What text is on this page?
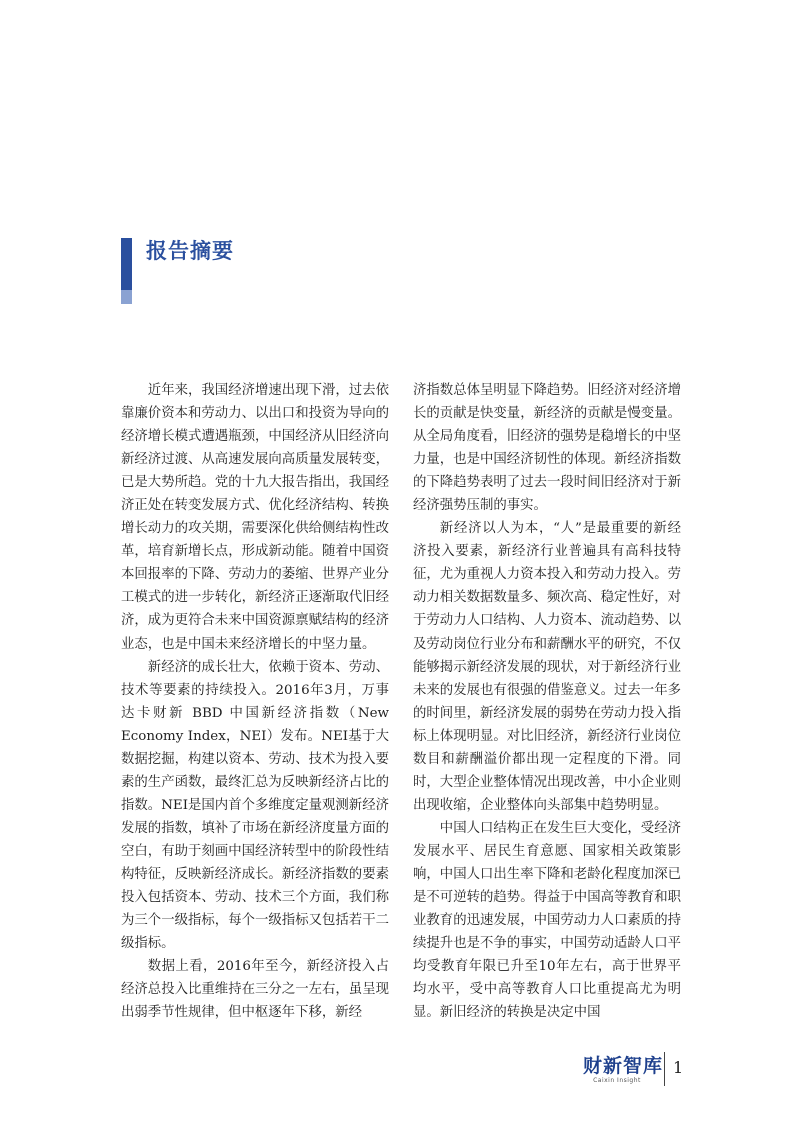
报告摘要

近年来，我国经济增速出现下滑，过去依靠廉价资本和劳动力、以出口和投资为导向的经济增长模式遭遇瓶颈，中国经济从旧经济向新经济过渡、从高速发展向高质量发展转变，已是大势所趋。党的十九大报告指出，我国经济正处在转变发展方式、优化经济结构、转换增长动力的攻关期，需要深化供给侧结构性改革，培育新增长点，形成新动能。随着中国资本回报率的下降、劳动力的萎缩、世界产业分工模式的进一步转化，新经济正逐渐取代旧经济，成为更符合未来中国资源禀赋结构的经济业态，也是中国未来经济增长的中坚力量。

新经济的成长壮大，依赖于资本、劳动、技术等要素的持续投入。2016年3月，万事达卡财新 BBD 中国新经济指数（New Economy Index，NEI）发布。NEI基于大数据挖掘，构建以资本、劳动、技术为投入要素的生产函数，最终汇总为反映新经济占比的指数。NEI是国内首个多维度定量观测新经济发展的指数，填补了市场在新经济度量方面的空白，有助于刻画中国经济转型中的阶段性结构特征，反映新经济成长。新经济指数的要素投入包括资本、劳动、技术三个方面，我们称为三个一级指标，每个一级指标又包括若干二级指标。

数据上看，2016年至今，新经济投入占经济总投入比重维持在三分之一左右，虽呈现出弱季节性规律，但中枢逐年下移，新经

济指数总体呈明显下降趋势。旧经济对经济增长的贡献是快变量，新经济的贡献是慢变量。从全局角度看，旧经济的强势是稳增长的中坚力量，也是中国经济韧性的体现。新经济指数的下降趋势表明了过去一段时间旧经济对于新经济强势压制的事实。

新经济以人为本，“人”是最重要的新经济投入要素，新经济行业普遍具有高科技特征，尤为重视人力资本投入和劳动力投入。劳动力相关数据数量多、频次高、稳定性好，对于劳动力人口结构、人力资本、流动趋势、以及劳动岗位行业分布和薪酬水平的研究，不仅能够揭示新经济发展的现状，对于新经济行业未来的发展也有很强的借鉴意义。过去一年多的时间里，新经济发展的弱势在劳动力投入指标上体现明显。对比旧经济，新经济行业岗位数目和薪酬溢价都出现一定程度的下滑。同时，大型企业整体情况出现改善，中小企业则出现收缩，企业整体向头部集中趋势明显。

中国人口结构正在发生巨大变化，受经济发展水平、居民生育意愿、国家相关政策影响，中国人口出生率下降和老龄化程度加深已是不可逆转的趋势。得益于中国高等教育和职业教育的迅速发展，中国劳动力人口素质的持续提升也是不争的事实，中国劳动适龄人口平均受教育年限已升至10年左右，高于世界平均水平，受中高等教育人口比重提高尤为明显。新旧经济的转换是决定中国

财新智库
Caixin Insight
1
